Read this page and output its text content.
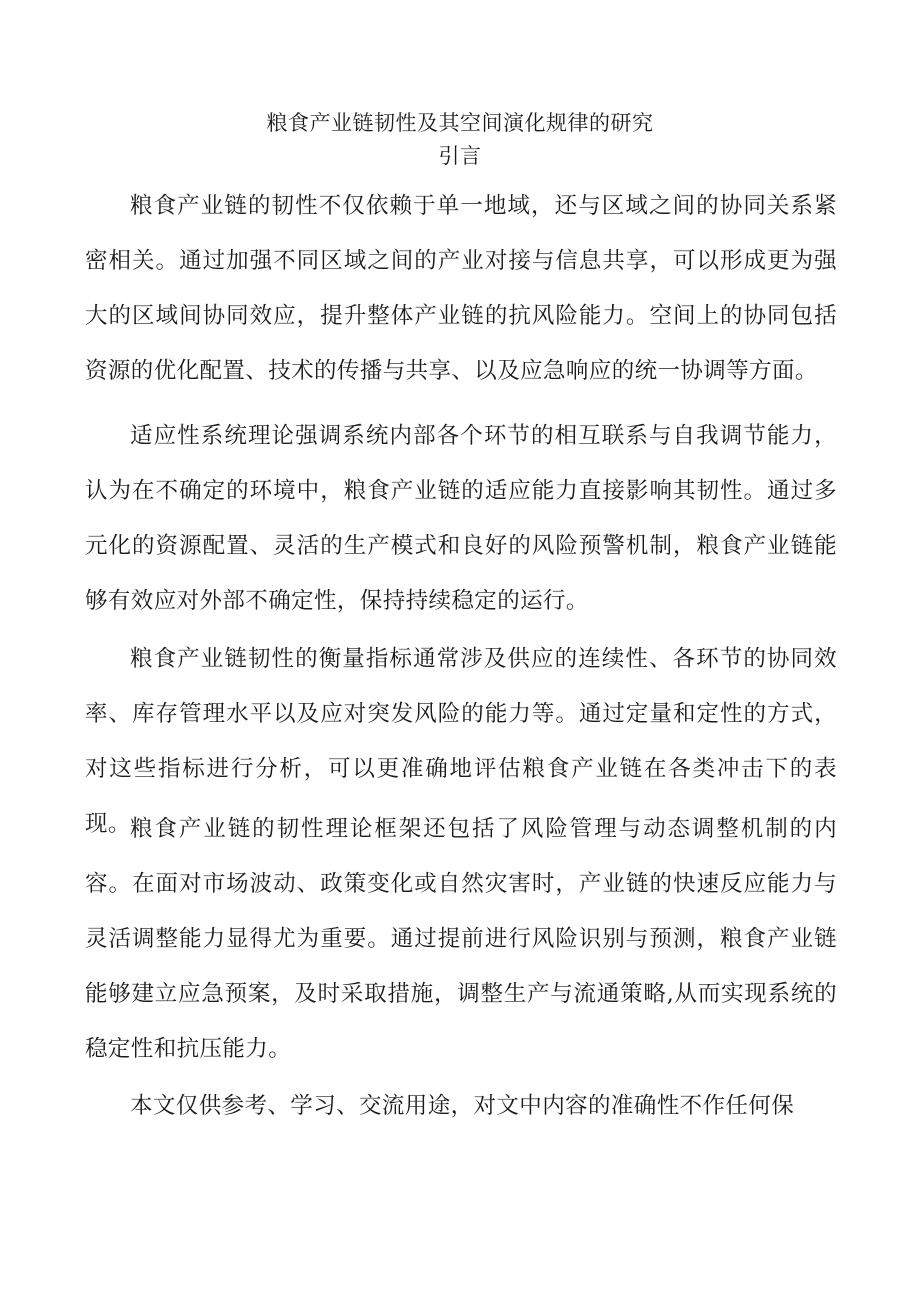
粮食产业链韧性及其空间演化规律的研究
引言

粮食产业链的韧性不仅依赖于单一地域，还与区域之间的协同关系紧密相关。通过加强不同区域之间的产业对接与信息共享，可以形成更为强大的区域间协同效应，提升整体产业链的抗风险能力。空间上的协同包括资源的优化配置、技术的传播与共享、以及应急响应的统一协调等方面。

适应性系统理论强调系统内部各个环节的相互联系与自我调节能力，认为在不确定的环境中，粮食产业链的适应能力直接影响其韧性。通过多元化的资源配置、灵活的生产模式和良好的风险预警机制，粮食产业链能够有效应对外部不确定性，保持持续稳定的运行。

粮食产业链韧性的衡量指标通常涉及供应的连续性、各环节的协同效率、库存管理水平以及应对突发风险的能力等。通过定量和定性的方式，对这些指标进行分析，可以更准确地评估粮食产业链在各类冲击下的表现。 粮食产业链的韧性理论框架还包括了风险管理与动态调整机制的内容。在面对市场波动、政策变化或自然灾害时，产业链的快速反应能力与灵活调整能力显得尤为重要。通过提前进行风险识别与预测，粮食产业链能够建立应急预案，及时采取措施，调整生产与流通策略,从而实现系统的稳定性和抗压能力。

本文仅供参考、学习、交流用途，对文中内容的准确性不作任何保
